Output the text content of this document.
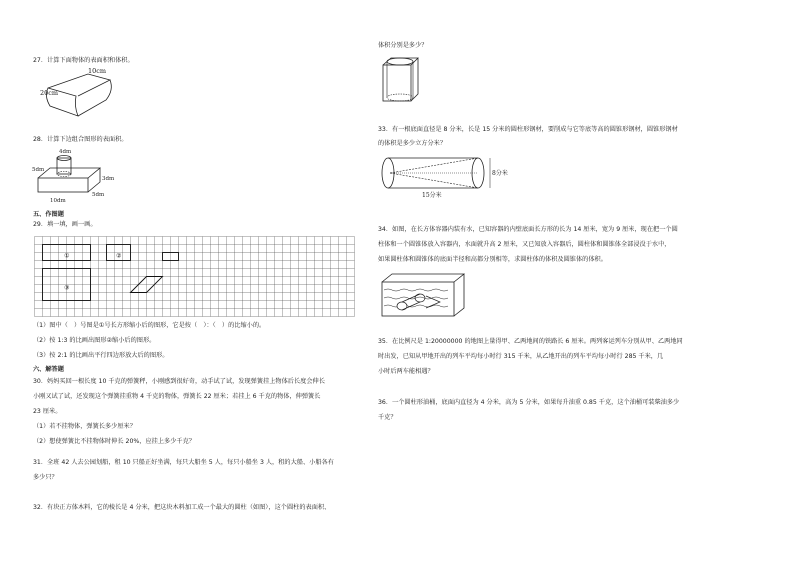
27．计算下面物体的表面积和体积。
10cm
20cm
28．计算下边组合图形的表面积。
4dm
5dm
3dm
10dm
5dm
五、作图题
29．填一填，画一画。
①	②
③
（1）图中（　）号图是①号长方形缩小后的图形，它是按（　）：（　）的比缩小的。
（2）按 1:3 的比画出图形②缩小后的图形。
（3）按 2:1 的比画出平行四边形放大后的图形。
六、解答题
30．妈妈买回一根长度 10 千克的弹簧秤，小刚感到很好奇，动手试了试，发现弹簧挂上物体后长度会伸长
小刚又试了试，还发现这个弹簧挂重物 4 千克的物体，弹簧长 22 厘米；若挂上 6 千克的物体，伸弹簧长
23 厘米。
（1）若不挂物体，弹簧长多少厘米？
（2）想使弹簧比不挂物体时伸长 20%，应挂上多少千克？
31．全班 42 人去公园划船，租 10 只船正好坐满，每只大船坐 5 人，每只小船坐 3 人，租的大船、小船各有
多少只？
32．有块正方体木料，它的棱长是 4 分米，把这块木料加工成一个最大的圆柱（如图），这个圆柱的表面积、
体积分别是多少？
33．有一根底面直径是 8 分米，长是 15 分米的圆柱形钢材，要削成与它等底等高的圆锥形钢材，圆锥形钢材
的体积是多少立方分米？
8分米
15分米
34．如图，在长方体容器内装有水，已知容器的内壁底面长方形的长为 14 厘米，宽为 9 厘米，现在把一个圆
柱体和一个圆锥体放入容器内，水面就升高 2 厘米，又已知放入容器后，圆柱体和圆锥体全部浸没于水中，
如果圆柱体和圆锥体的底面半径和高都分别相等，求圆柱体的体积及圆锥体的体积。
35．在比例尺是 1:20000000 的地图上量得甲、乙两地间的铁路长 6 厘米。两列客运列车分别从甲、乙两地同
时出发，已知从甲地开出的列车平均每小时行 315 千米，从乙地开出的列车平均每小时行 285 千米，几
小时后两车能相遇？
36．一个圆柱形油桶，底面内直径为 4 分米，高为 5 分米，如果每升油重 0.85 千克，这个油桶可装柴油多少
千克？
